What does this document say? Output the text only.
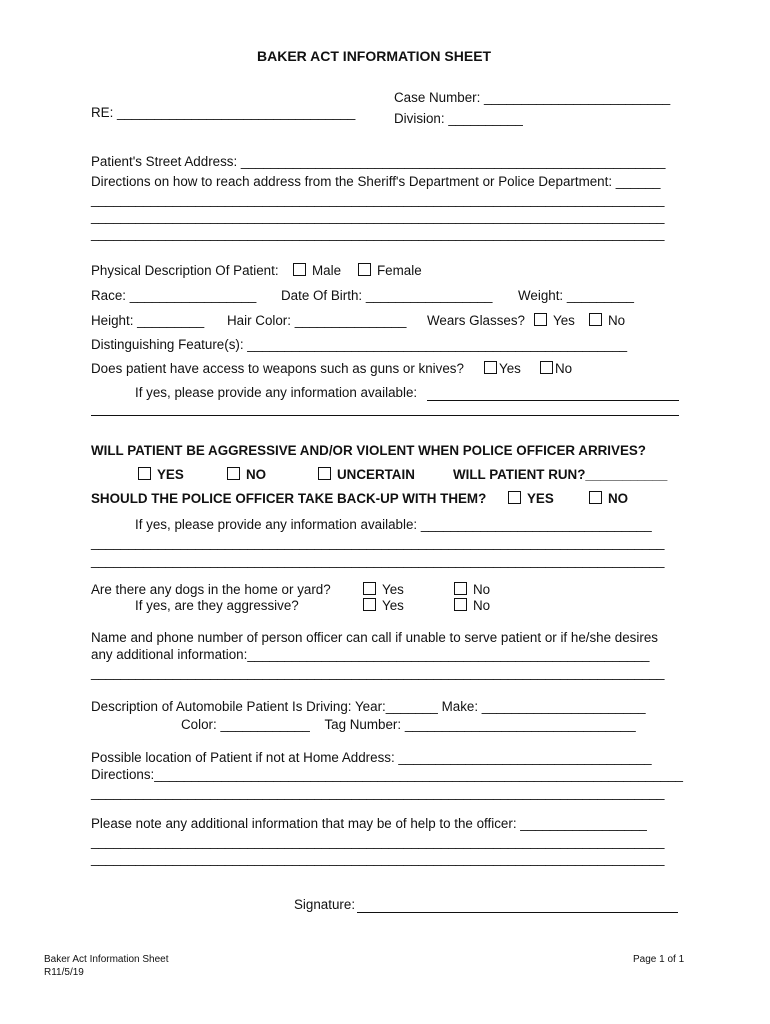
BAKER ACT INFORMATION SHEET
Case Number: _________________________
RE: ________________________________	Division: __________
Patient's Street Address: _________________________________________________________
Directions on how to reach address from the Sheriff's Department or Police Department: ______
_____________________________________________________________________________
_____________________________________________________________________________
_____________________________________________________________________________
Physical Description Of Patient: Male	Female
Race: _________________ Date Of Birth: _________________ Weight: _________
Height: _________ Hair Color: _______________ Wears Glasses? Yes No
Distinguishing Feature(s): ___________________________________________________
Does patient have access to weapons such as guns or knives?	Yes	No
If yes, please provide any information available:
WILL PATIENT BE AGGRESSIVE AND/OR VIOLENT WHEN POLICE OFFICER ARRIVES?
YES	NO	UNCERTAIN	WILL PATIENT RUN?___________
SHOULD THE POLICE OFFICER TAKE BACK-UP WITH THEM?	YES	NO
If yes, please provide any information available: _______________________________
_____________________________________________________________________________
_____________________________________________________________________________
Are there any dogs in the home or yard?	Yes	No
If yes, are they aggressive?	Yes	No
Name and phone number of person officer can call if unable to serve patient or if he/she desires
any additional information:______________________________________________________
_____________________________________________________________________________
Description of Automobile Patient Is Driving: Year:_______ Make: ______________________
Color: ____________    Tag Number: _______________________________
Possible location of Patient if not at Home Address: __________________________________
Directions:_______________________________________________________________________
_____________________________________________________________________________
Please note any additional information that may be of help to the officer: _________________
_____________________________________________________________________________
_____________________________________________________________________________
Signature:
Baker Act Information Sheet
R11/5/19
Page 1 of 1
